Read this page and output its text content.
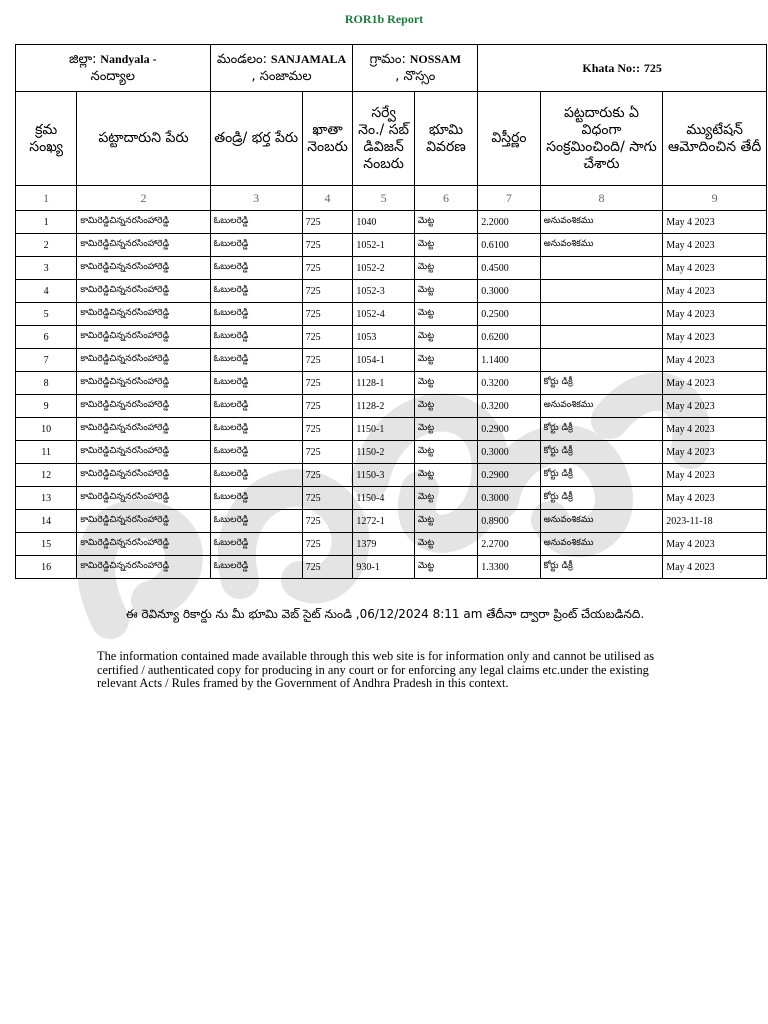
ROR1b Report
జిల్లా: Nandyala -
నంద్యాల		మండలం: SANJAMALA
, సంజామల		గ్రామం: NOSSAM
, నొస్సం		Khata No:: 725		
క్రమ సంఖ్య	పట్టాదారుని పేరు	తండ్రి/ భర్త పేరు	ఖాతా నెంబరు	సర్వే నెం./ సబ్ డివిజన్ నంబరు	భూమి వివరణ	విస్తీర్ణం	పట్టదారుకు ఏ విధంగా సంక్రమించింది/ సాగు చేశారు	మ్యుటేషన్ ఆమోదించిన తేదీ
1	2	3	4	5	6	7	8	9
1	కామిరెడ్డిచిన్ననరసింహారెడ్డి	ఓబులరెడ్డి	725	1040	మెట్ట	2.2000	అనువంశికము	May 4 2023
2	కామిరెడ్డిచిన్ననరసింహారెడ్డి	ఓబులరెడ్డి	725	1052-1	మెట్ట	0.6100	అనువంశికము	May 4 2023
3	కామిరెడ్డిచిన్ననరసింహారెడ్డి	ఓబులరెడ్డి	725	1052-2	మెట్ట	0.4500		May 4 2023
4	కామిరెడ్డిచిన్ననరసింహారెడ్డి	ఓబులరెడ్డి	725	1052-3	మెట్ట	0.3000		May 4 2023
5	కామిరెడ్డిచిన్ననరసింహారెడ్డి	ఓబులరెడ్డి	725	1052-4	మెట్ట	0.2500		May 4 2023
6	కామిరెడ్డిచిన్ననరసింహారెడ్డి	ఓబులరెడ్డి	725	1053	మెట్ట	0.6200		May 4 2023
7	కామిరెడ్డిచిన్ననరసింహారెడ్డి	ఓబులరెడ్డి	725	1054-1	మెట్ట	1.1400		May 4 2023
8	కామిరెడ్డిచిన్ననరసింహారెడ్డి	ఓబులరెడ్డి	725	1128-1	మెట్ట	0.3200	కోర్టు డిక్రీ	May 4 2023
9	కామిరెడ్డిచిన్ననరసింహారెడ్డి	ఓబులరెడ్డి	725	1128-2	మెట్ట	0.3200	అనువంశికము	May 4 2023
10	కామిరెడ్డిచిన్ననరసింహారెడ్డి	ఓబులరెడ్డి	725	1150-1	మెట్ట	0.2900	కోర్టు డిక్రీ	May 4 2023
11	కామిరెడ్డిచిన్ననరసింహారెడ్డి	ఓబులరెడ్డి	725	1150-2	మెట్ట	0.3000	కోర్టు డిక్రీ	May 4 2023
12	కామిరెడ్డిచిన్ననరసింహారెడ్డి	ఓబులరెడ్డి	725	1150-3	మెట్ట	0.2900	కోర్టు డిక్రీ	May 4 2023
13	కామిరెడ్డిచిన్ననరసింహారెడ్డి	ఓబులరెడ్డి	725	1150-4	మెట్ట	0.3000	కోర్టు డిక్రీ	May 4 2023
14	కామిరెడ్డిచిన్ననరసింహారెడ్డి	ఓబులరెడ్డి	725	1272-1	మెట్ట	0.8900	అనువంశికము	2023-11-18
15	కామిరెడ్డిచిన్ననరసింహారెడ్డి	ఓబులరెడ్డి	725	1379	మెట్ట	2.2700	అనువంశికము	May 4 2023
16	కామిరెడ్డిచిన్ననరసింహారెడ్డి	ఓబులరెడ్డి	725	930-1	మెట్ట	1.3300	కోర్టు డిక్రీ	May 4 2023
ఈ రెవిన్యూ రికార్డు ను మీ భూమి వెబ్ సైట్ నుండి ,06/12/2024 8:11 am తేదీనా ద్వారా ప్రింట్ చేయబడినది.
The information contained made available through this web site is for information only and cannot be utilised as certified / authenticated copy for producing in any court or for enforcing any legal claims etc.under the existing relevant Acts / Rules framed by the Government of Andhra Pradesh in this context.
